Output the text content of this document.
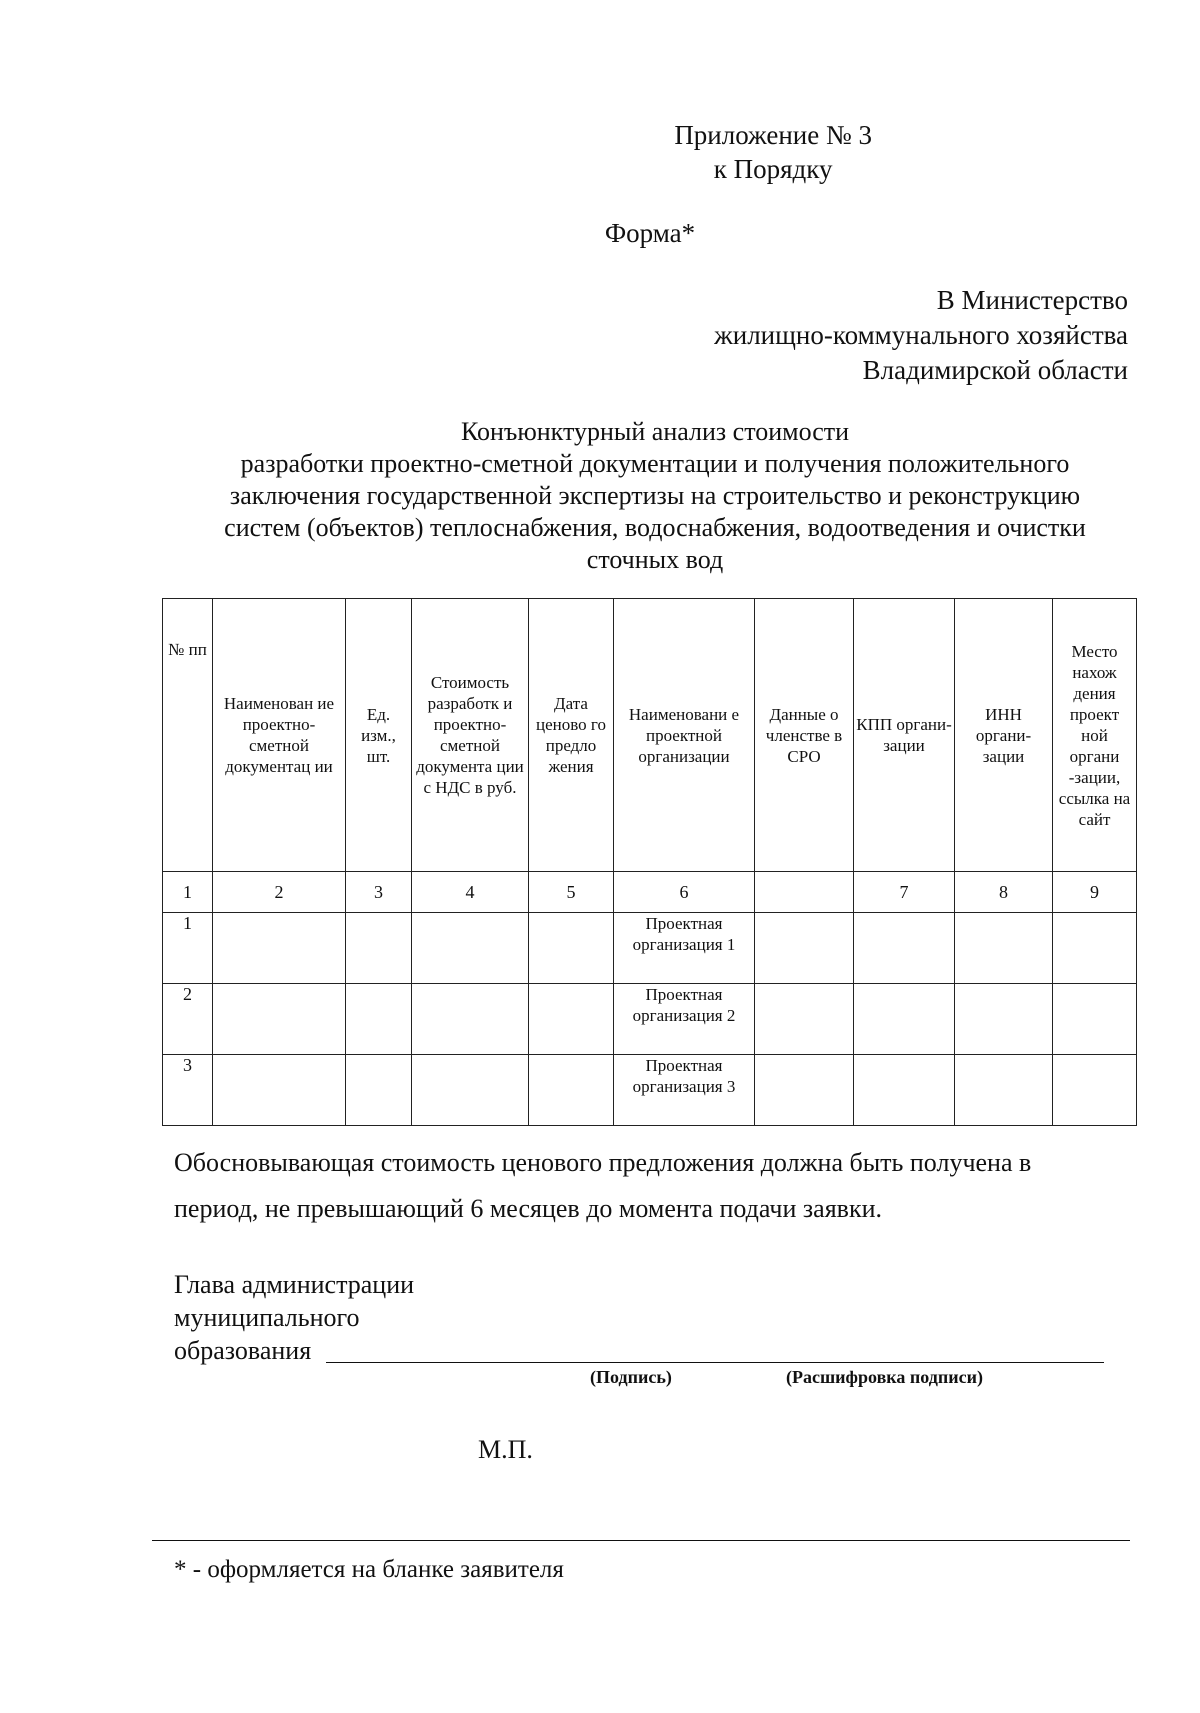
Приложение № 3
к Порядку
Форма*
В Министерство
жилищно-коммунального хозяйства
Владимирской области
Конъюнктурный анализ стоимости
разработки проектно-сметной документации и получения положительного
заключения государственной экспертизы на строительство и реконструкцию
систем (объектов) теплоснабжения, водоснабжения, водоотведения и очистки
сточных вод
№ пп	Наименован ие проектно-сметной документац ии	Ед. изм., шт.	Стоимость разработк и проектно-сметной документа ции с НДС в руб.	Дата ценово го предло жения	Наименовани е проектной организации	Данные о членстве в СРО	КПП органи-зации	ИНН органи-зации	Место нахож дения проект ной органи -зации, ссылка на сайт
1	2	3	4	5	6		7	8	9
1					Проектная организация 1				
2					Проектная организация 2				
3					Проектная организация 3				
Обосновывающая стоимость ценового предложения должна быть получена в период, не превышающий 6 месяцев до момента подачи заявки.
Глава администрации
муниципального
образования
(Подпись)	(Расшифровка подписи)
М.П.
* - оформляется на бланке заявителя
